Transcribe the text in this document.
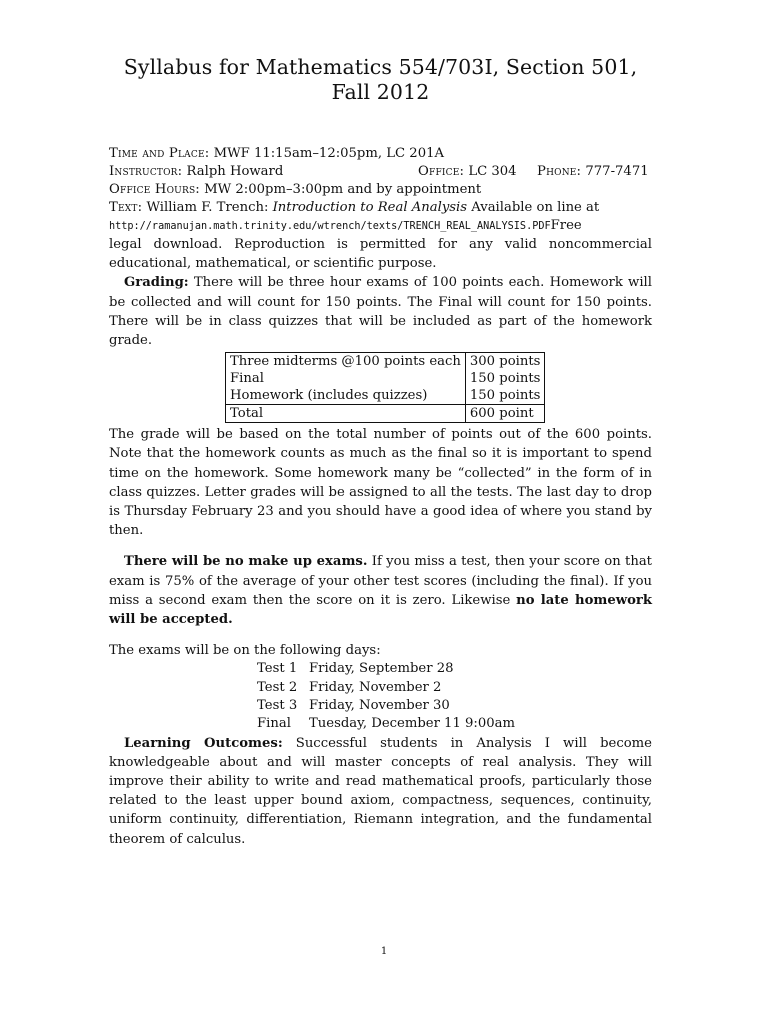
Syllabus for Mathematics 554/703I, Section 501,
Fall 2012
Time and Place: MWF 11:15am–12:05pm, LC 201A
Instructor: Ralph Howard	Office: LC 304 Phone: 777-7471
Office Hours: MW 2:00pm–3:00pm and by appointment
Text: William F. Trench: Introduction to Real Analysis Available on line at
http://ramanujan.math.trinity.edu/wtrench/texts/TRENCH_REAL_ANALYSIS.PDFFree

legal download. Reproduction is permitted for any valid noncommercial educational, mathematical, or scientific purpose.

Grading: There will be three hour exams of 100 points each. Homework will be collected and will count for 150 points. The Final will count for 150 points. There will be in class quizzes that will be included as part of the homework grade.

Three midterms @100 points each	300 points
Final	150 points
Homework (includes quizzes)	150 points
Total	600 point

The grade will be based on the total number of points out of the 600 points. Note that the homework counts as much as the final so it is important to spend time on the homework. Some homework many be “collected” in the form of in class quizzes. Letter grades will be assigned to all the tests. The last day to drop is Thursday February 23 and you should have a good idea of where you stand by then.

There will be no make up exams. If you miss a test, then your score on that exam is 75% of the average of your other test scores (including the final). If you miss a second exam then the score on it is zero. Likewise no late homework will be accepted.

The exams will be on the following days:

Test 1 Friday, September 28
Test 2 Friday, November 2
Test 3 Friday, November 30
Final	Tuesday, December 11 9:00am

Learning Outcomes: Successful students in Analysis I will become knowledgeable about and will master concepts of real analysis. They will improve their ability to write and read mathematical proofs, particularly those related to the least upper bound axiom, compactness, sequences, continuity, uniform continuity, differentiation, Riemann integration, and the fundamental theorem of calculus.

1
